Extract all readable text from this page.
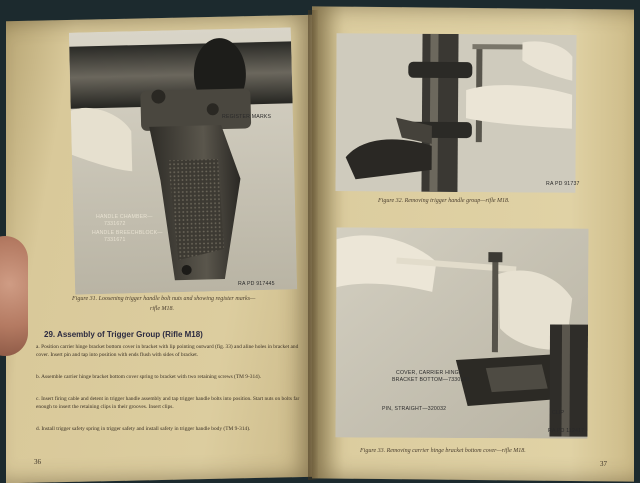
REGISTER MARKS
HANDLE CHAMBER—
7331672
HANDLE BREECHBLOCK—
7331671
RA PD 917445
Figure 31. Loosening trigger handle bolt nuts and showing register marks—
rifle M18.
29. Assembly of Trigger Group (Rifle M18)
a. Position carrier hinge bracket bottom cover in bracket with lip pointing outward (fig. 33) and aline holes in bracket and cover. Insert pin and tap into position with ends flush with sides of bracket.
b. Assemble carrier hinge bracket bottom cover spring to bracket with two retaining screws (TM 9-314).
c. Insert firing cable and detent in trigger handle assembly and tap trigger handle bolts into position. Start nuts on bolts far enough to insert the retaining clips in their grooves. Insert clips.
d. Install trigger safety spring in trigger safety and install safety in trigger handle body (TM 9-314).
36
RA PD 91737
Figure 32. Removing trigger handle group—rifle M18.
COVER, CARRIER HINGE
BRACKET BOTTOM—7330589
PIN, STRAIGHT—320032
CLIP
RA PD 112417
Figure 33. Removing carrier hinge bracket bottom cover—rifle M18.
37
